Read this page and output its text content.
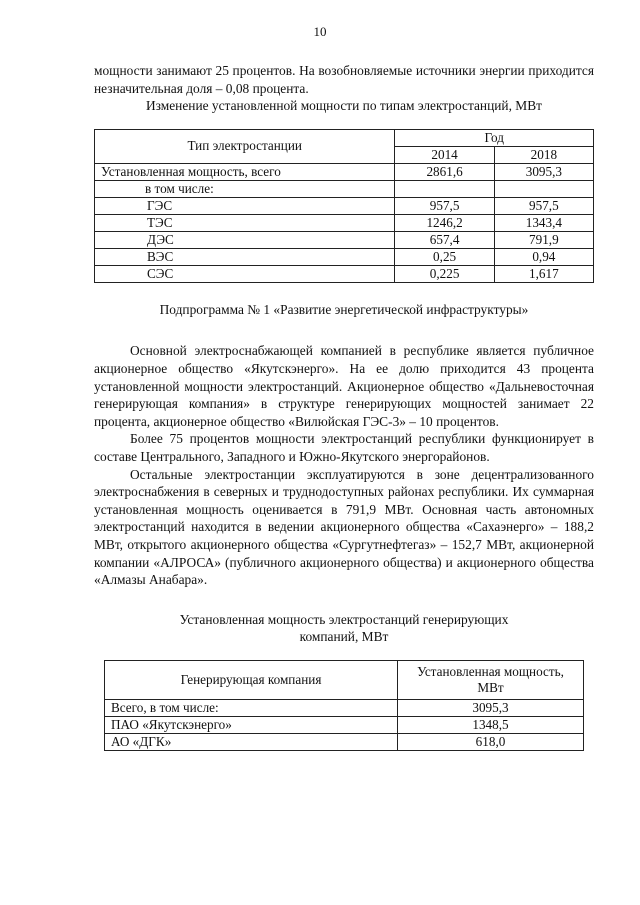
10

мощности занимают 25 процентов. На возобновляемые источники энергии приходится незначительная доля – 0,08 процента.

Изменение установленной мощности по типам электростанций, МВт

Тип электростанции	Год	
	2014	2018
Установленная мощность, всего	2861,6	3095,3
в том числе:		
ГЭС	957,5	957,5
ТЭС	1246,2	1343,4
ДЭС	657,4	791,9
ВЭС	0,25	0,94
СЭС	0,225	1,617

Подпрограмма № 1 «Развитие энергетической инфраструктуры»

Основной электроснабжающей компанией в республике является публичное акционерное общество «Якутскэнерго». На ее долю приходится 43 процента установленной мощности электростанций. Акционерное общество «Дальневосточная генерирующая компания» в структуре генерирующих мощностей занимает 22 процента, акционерное общество «Вилюйская ГЭС-3» – 10 процентов.

Более 75 процентов мощности электростанций республики функционирует в составе Центрального, Западного и Южно-Якутского энергорайонов.

Остальные электростанции эксплуатируются в зоне децентрализованного электроснабжения в северных и труднодоступных районах республики. Их суммарная установленная мощность оценивается в 791,9 МВт. Основная часть автономных электростанций находится в ведении акционерного общества «Сахаэнерго» – 188,2 МВт, открытого акционерного общества «Сургутнефтегаз» – 152,7 МВт, акционерной компании «АЛРОСА» (публичного акционерного общества) и акционерного общества «Алмазы Анабара».

Установленная мощность электростанций генерирующих

компаний, МВт

Генерирующая компания	Установленная мощность, МВт
Всего, в том числе:	3095,3
ПАО «Якутскэнерго»	1348,5
АО «ДГК»	618,0
